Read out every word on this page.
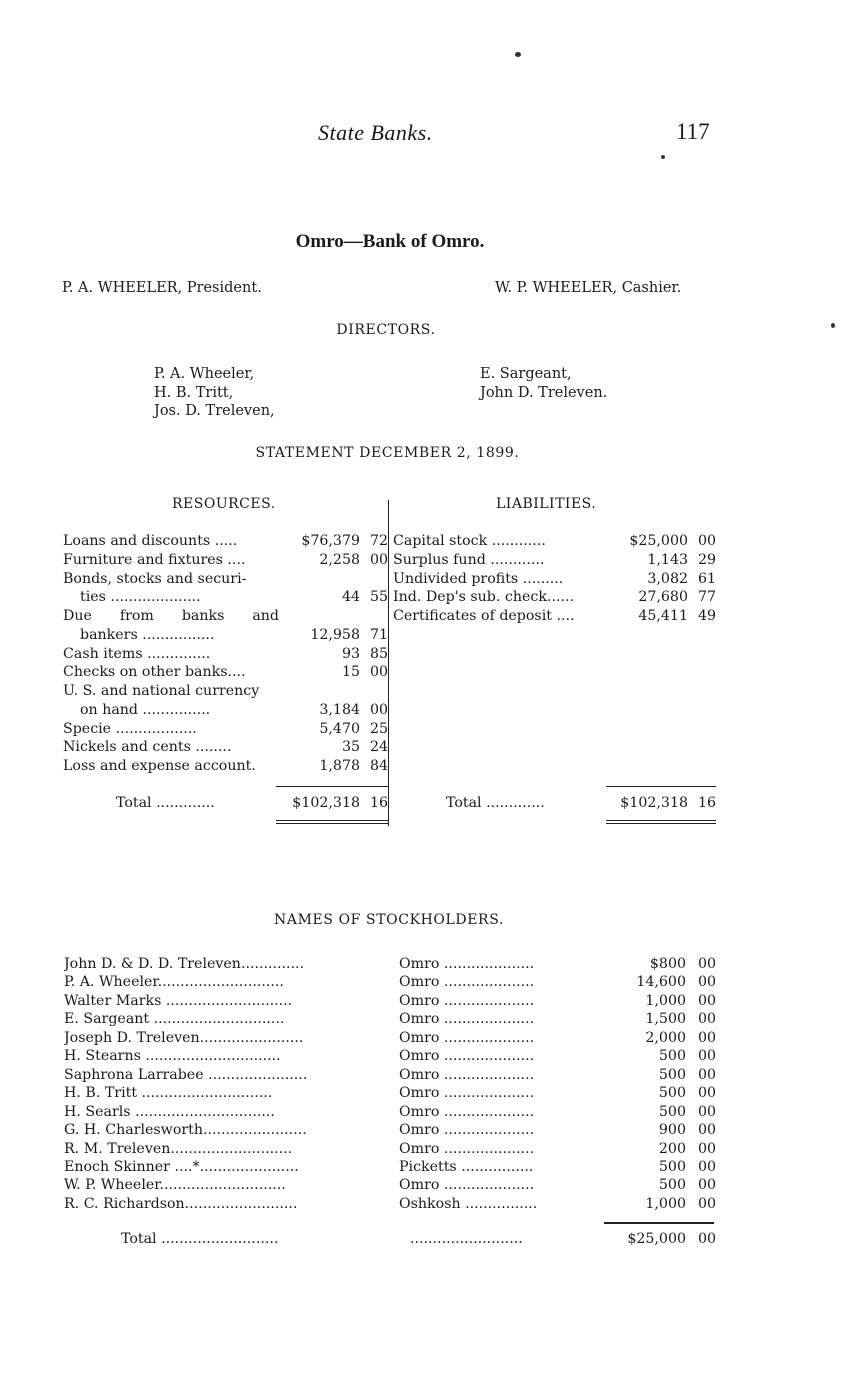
State Banks.	117
Omro—Bank of Omro.
P. A. WHEELER, President.	W. P. WHEELER, Cashier.
DIRECTORS.
P. A. Wheeler,
H. B. Tritt,
Jos. D. Treleven,
E. Sargeant,
John D. Treleven.
STATEMENT DECEMBER 2, 1899.
RESOURCES.	LIABILITIES.
Loans and discounts .....	$76,379 72
Furniture and fixtures ....	2,258 00
Bonds, stocks and securi-
ties ....................	44 55
Due from banks and
bankers ................	12,958 71
Cash items ..............	93 85
Checks on other banks....	15 00
U. S. and national currency
on hand ...............	3,184 00
Specie ..................	5,470 25
Nickels and cents ........	35 24
Loss and expense account.	1,878 84
Capital stock ............	$25,000 00
Surplus fund ............	1,143 29
Undivided profits .........	3,082 61
Ind. Dep's sub. check......	27,680 77
Certificates of deposit ....	45,411 49
Total .............	$102,318 16	Total .............	$102,318 16
NAMES OF STOCKHOLDERS.
John D. & D. D. Treleven..............	Omro ....................	$800 00
P. A. Wheeler............................	Omro ....................	14,600 00
Walter Marks ............................	Omro ....................	1,000 00
E. Sargeant .............................	Omro ....................	1,500 00
Joseph D. Treleven.......................	Omro ....................	2,000 00
H. Stearns ..............................	Omro ....................	500 00
Saphrona Larrabee ......................	Omro ....................	500 00
H. B. Tritt .............................	Omro ....................	500 00
H. Searls ...............................	Omro ....................	500 00
G. H. Charlesworth.......................	Omro ....................	900 00
R. M. Treleven...........................	Omro ....................	200 00
Enoch Skinner ....*......................	Picketts ................	500 00
W. P. Wheeler............................	Omro ....................	500 00
R. C. Richardson.........................	Oshkosh ................	1,000 00
Total ..........................	.........................	$25,000 00
